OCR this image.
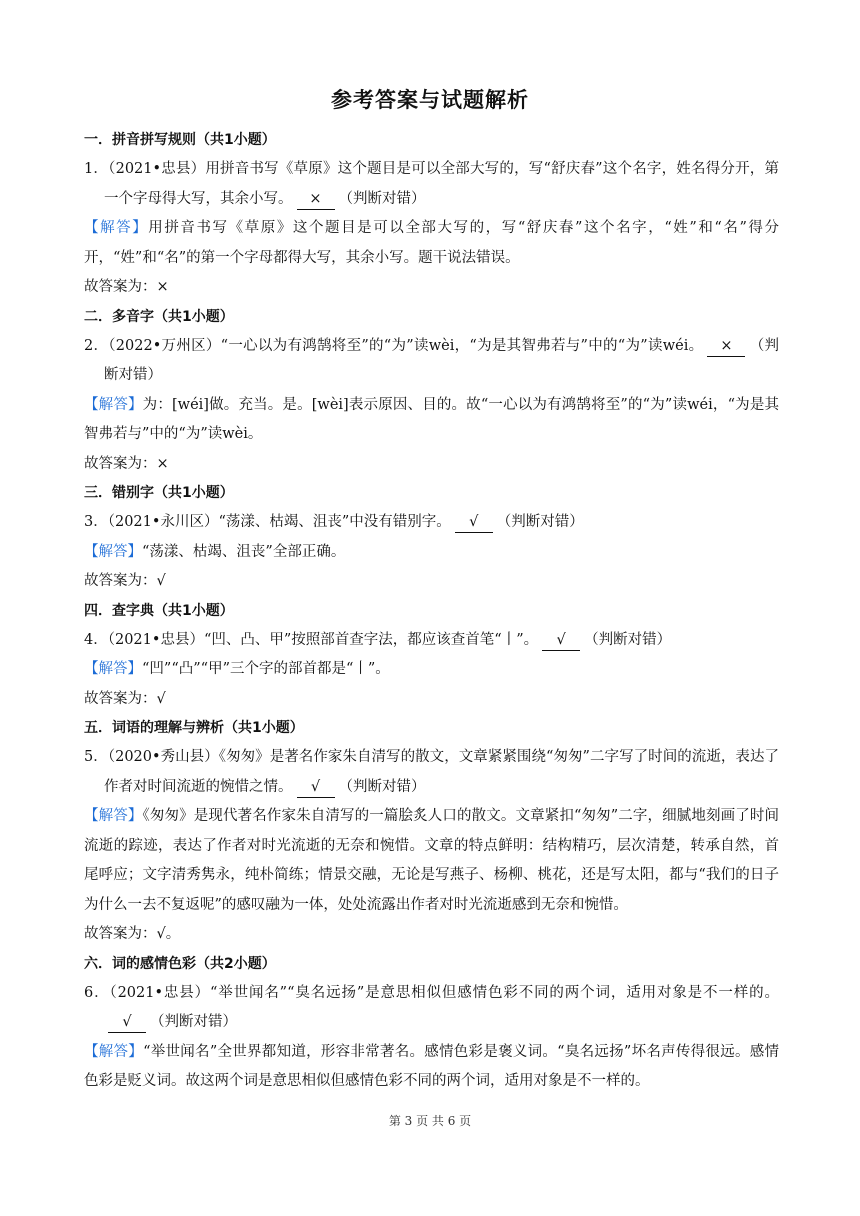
参考答案与试题解析

一．拼音拼写规则（共1小题）

1．（2021•忠县）用拼音书写《草原》这个题目是可以全部大写的，写“舒庆春”这个名字，姓名得分开，第一个字母得大写，其余小写。 × （判断对错）

【解答】用拼音书写《草原》这个题目是可以全部大写的，写“舒庆春”这个名字，“姓”和“名”得分开，“姓”和“名”的第一个字母都得大写，其余小写。题干说法错误。

故答案为：×

二．多音字（共1小题）

2．（2022•万州区）“一心以为有鸿鹄将至”的“为”读wèi，“为是其智弗若与”中的“为”读wéi。 × （判断对错）

【解答】为：[wéi]做。充当。是。[wèi]表示原因、目的。故“一心以为有鸿鹄将至”的“为”读wéi，“为是其智弗若与”中的“为”读wèi。

故答案为：×

三．错别字（共1小题）

3．（2021•永川区）“荡漾、枯竭、沮丧”中没有错别字。 √ （判断对错）

【解答】“荡漾、枯竭、沮丧”全部正确。

故答案为：√

四．查字典（共1小题）

4．（2021•忠县）“凹、凸、甲”按照部首查字法，都应该查首笔“丨”。 √ （判断对错）

【解答】“凹”“凸”“甲”三个字的部首都是“丨”。

故答案为：√

五．词语的理解与辨析（共1小题）

5．（2020•秀山县）《匆匆》是著名作家朱自清写的散文，文章紧紧围绕“匆匆”二字写了时间的流逝，表达了作者对时间流逝的惋惜之情。 √ （判断对错）

【解答】《匆匆》是现代著名作家朱自清写的一篇脍炙人口的散文。文章紧扣“匆匆”二字，细腻地刻画了时间流逝的踪迹，表达了作者对时光流逝的无奈和惋惜。文章的特点鲜明：结构精巧，层次清楚，转承自然，首尾呼应；文字清秀隽永，纯朴简练；情景交融，无论是写燕子、杨柳、桃花，还是写太阳，都与“我们的日子为什么一去不复返呢”的感叹融为一体，处处流露出作者对时光流逝感到无奈和惋惜。

故答案为：√。

六．词的感情色彩（共2小题）

6．（2021•忠县）“举世闻名”“臭名远扬”是意思相似但感情色彩不同的两个词，适用对象是不一样的。√ （判断对错）

【解答】“举世闻名”全世界都知道，形容非常著名。感情色彩是褒义词。“臭名远扬”坏名声传得很远。感情色彩是贬义词。故这两个词是意思相似但感情色彩不同的两个词，适用对象是不一样的。

第 3 页 共 6 页
